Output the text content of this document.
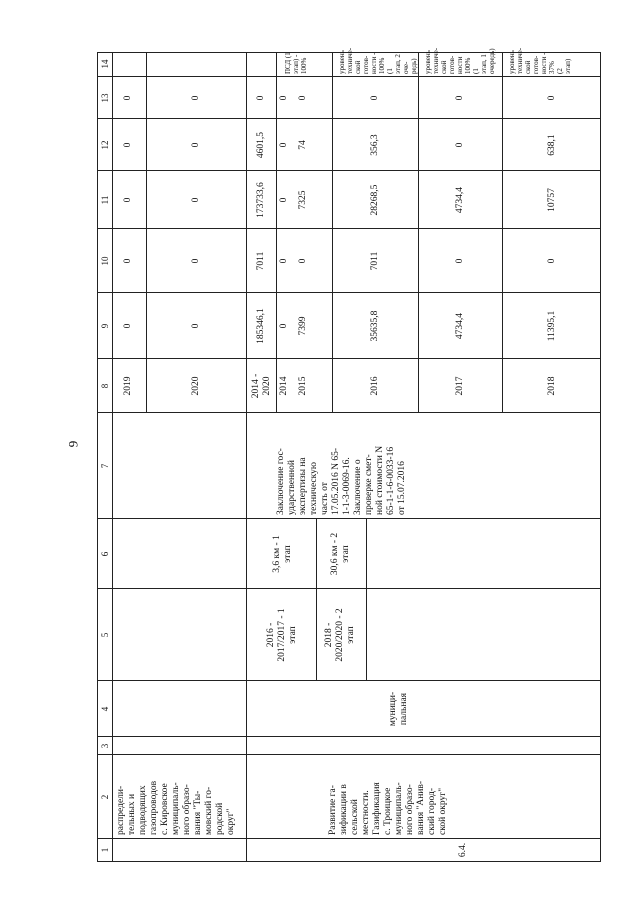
9
1
2
3
4
5
6
7
8
9
10
11
12
13
14
распредели-
тельных и
подводящих
газопроводов
с. Кировское
муниципаль-
ного образо-
вания "Ты-
мовский го-
родской
округ"
2019
0
0
0
0
0
2020
0
0
0
0
0
6.4.
Развитие га-
зификации в
сельской
местности.
Газификация
с. Троицкое
муниципаль-
ного образо-
вания "Анив-
ский город-
ской округ"
муници-
пальная
2016 -
2017/2017 - 1
этап	2018 -
2020/2020 - 2
этап
3,6 км - 1
этап
30,6 км - 2
этап
Заключение гос-
ударственной
экспертизы на
техническую
часть от
17.05.2016 N 65-
1-1-3-0069-16.
Заключение о
проверке смет-
ной стоимости N
65-1-1-6-0033-16
от 15.07.2016
2014 -
2020
185346,1
7011
173733,6
4601,5
0
2014
0
0
0
0
0
2015
7399
0
7325
74
0
ПСД (1
этап) -
100%
2016
35635,8
7011
28268,5
356,3
0
уровень
техниче-
ской готов-
ности -
100% (1
этап, 2 оче-
редь)
2017
4734,4
0
4734,4
0
0
уровень
техниче-
ской готов-
ности 100%
(1 этап, 1
очередь)
2018
11395,1
0
10757
638,1
0
уровень
техниче-
ской готов-
ности - 37%
(2 этап)
